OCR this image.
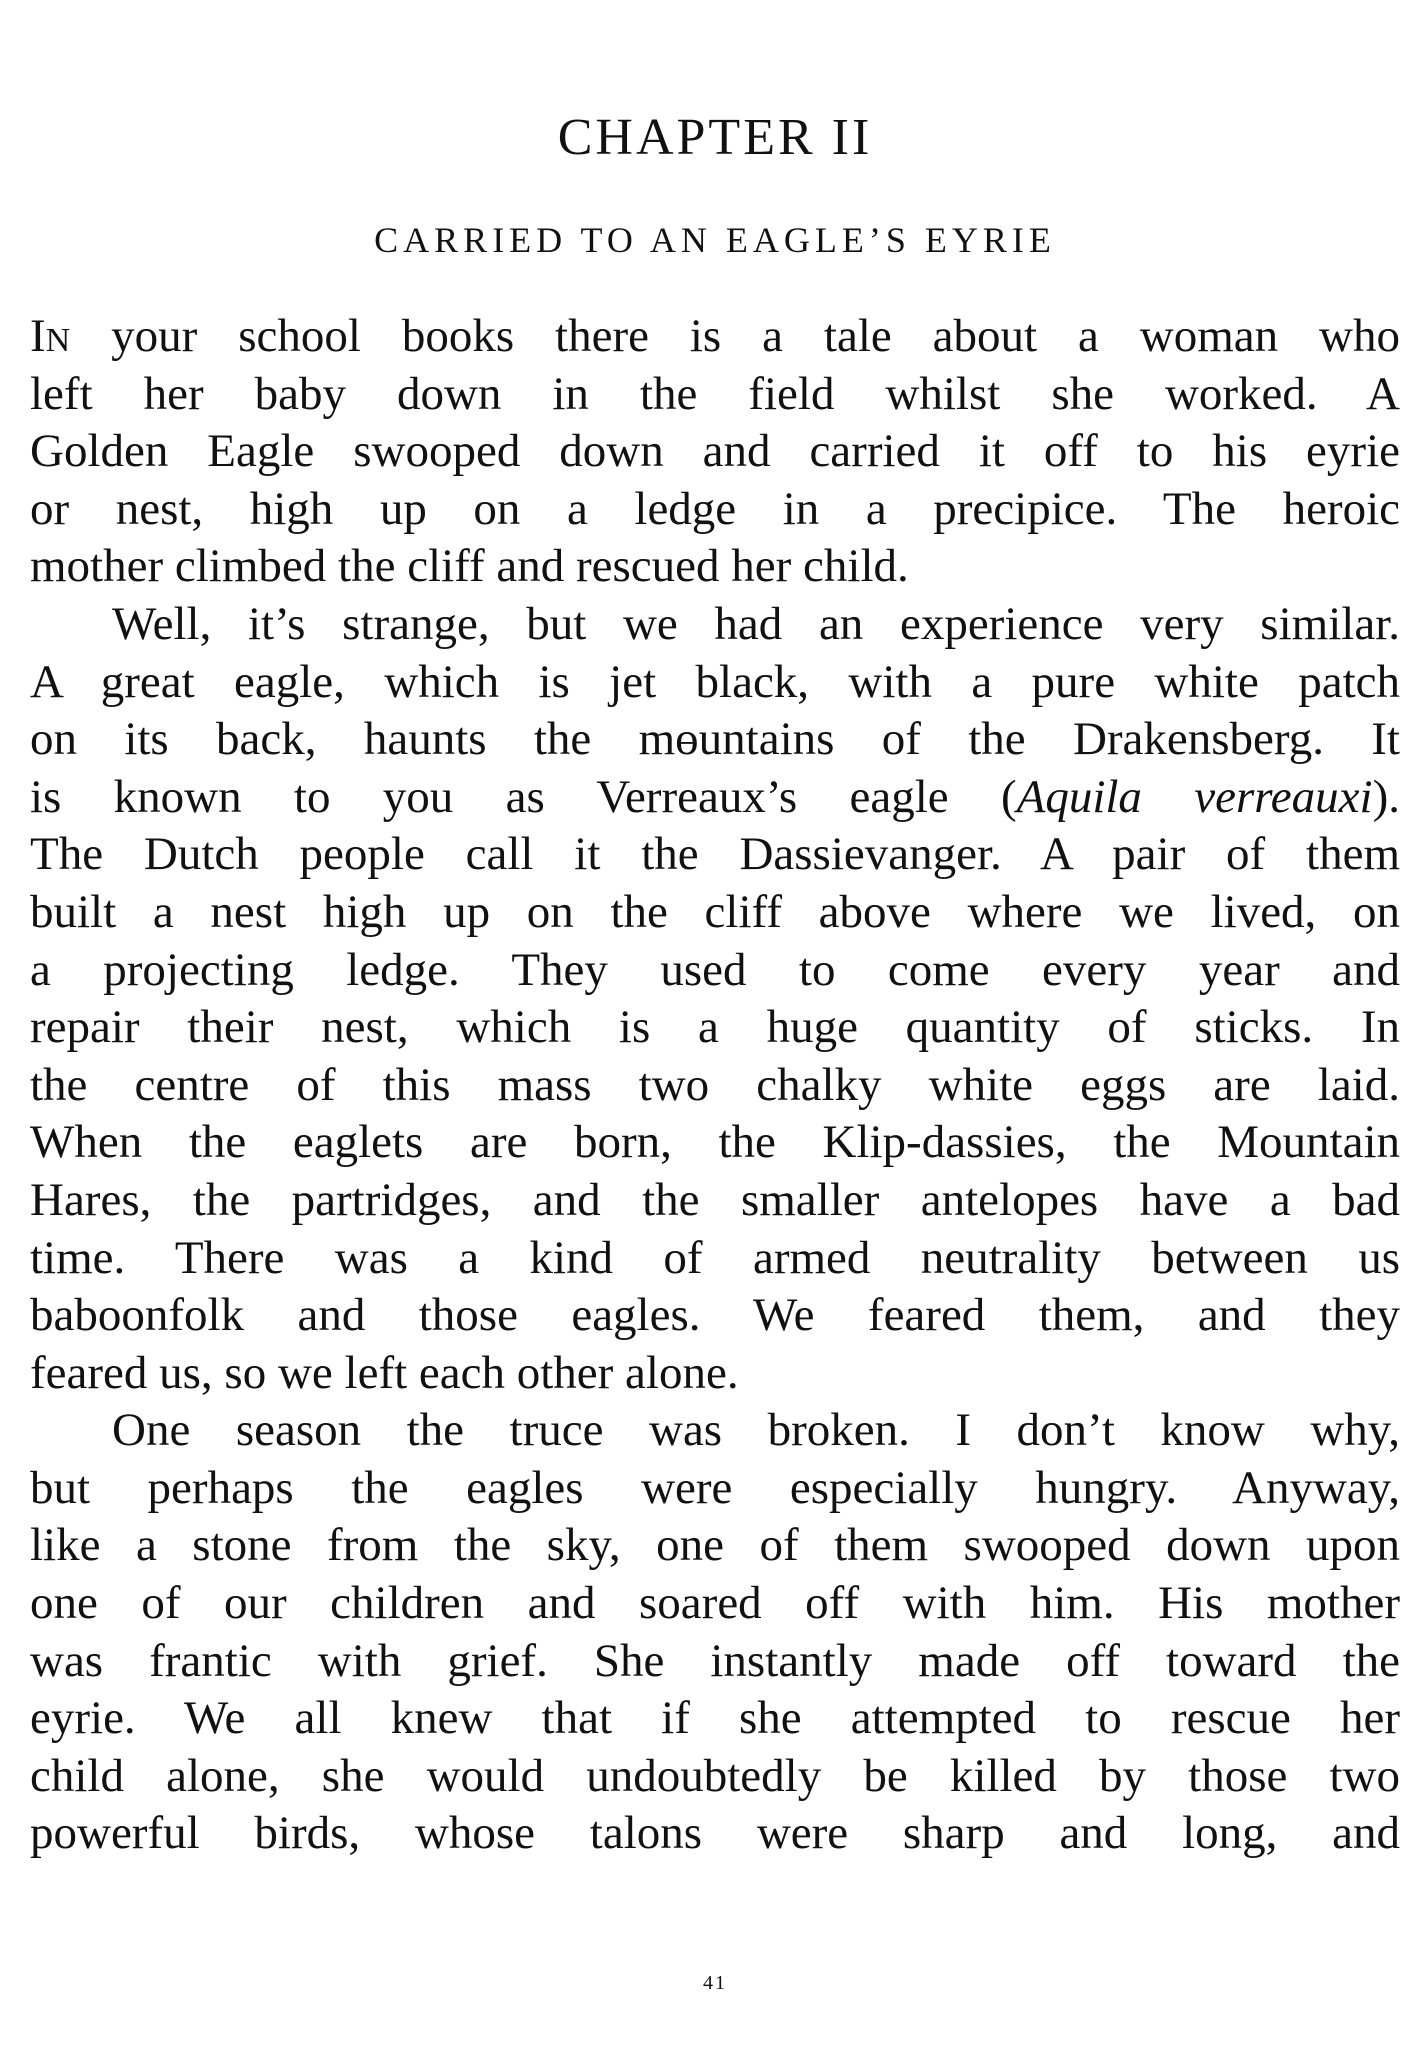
CHAPTER II
CARRIED TO AN EAGLE’S EYRIE
IN your school books there is a tale about a woman who
left her baby down in the field whilst she worked. A
Golden Eagle swooped down and carried it off to his eyrie
or nest, high up on a ledge in a precipice. The heroic
mother climbed the cliff and rescued her child.
Well, it’s strange, but we had an experience very similar.
A great eagle, which is jet black, with a pure white patch
on its back, haunts the mɵuntains of the Drakensberg. It
is known to you as Verreaux’s eagle (Aquila verreauxi).
The Dutch people call it the Dassievanger. A pair of them
built a nest high up on the cliff above where we lived, on
a projecting ledge. They used to come every year and
repair their nest, which is a huge quantity of sticks. In
the centre of this mass two chalky white eggs are laid.
When the eaglets are born, the Klip-dassies, the Mountain
Hares, the partridges, and the smaller antelopes have a bad
time. There was a kind of armed neutrality between us
baboonfolk and those eagles. We feared them, and they
feared us, so we left each other alone.
One season the truce was broken. I don’t know why,
but perhaps the eagles were especially hungry. Anyway,
like a stone from the sky, one of them swooped down upon
one of our children and soared off with him. His mother
was frantic with grief. She instantly made off toward the
eyrie. We all knew that if she attempted to rescue her
child alone, she would undoubtedly be killed by those two
powerful birds, whose talons were sharp and long, and

41
